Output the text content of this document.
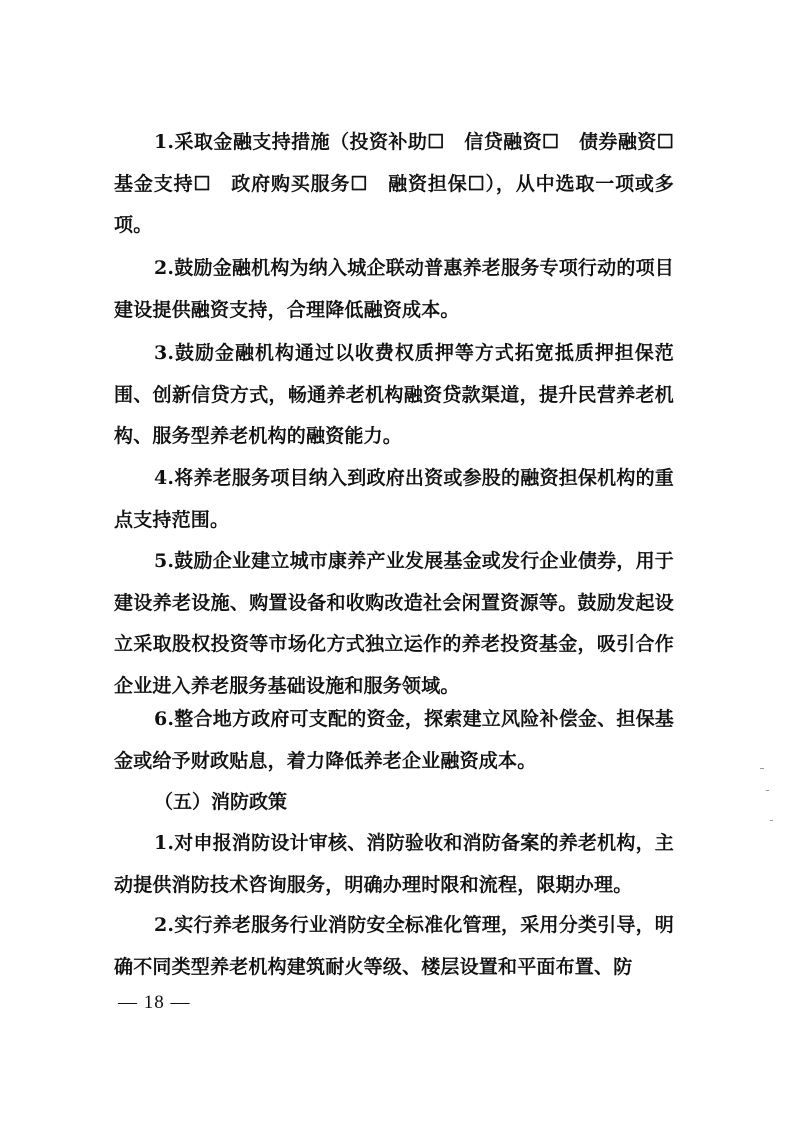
1.采取金融支持措施（投资补助☐　信贷融资☐　债券融资☐　基金支持☐　政府购买服务☐　融资担保☐），从中选取一项或多项。

2.鼓励金融机构为纳入城企联动普惠养老服务专项行动的项目建设提供融资支持，合理降低融资成本。

3.鼓励金融机构通过以收费权质押等方式拓宽抵质押担保范围、创新信贷方式，畅通养老机构融资贷款渠道，提升民营养老机构、服务型养老机构的融资能力。

4.将养老服务项目纳入到政府出资或参股的融资担保机构的重点支持范围。

5.鼓励企业建立城市康养产业发展基金或发行企业债券，用于建设养老设施、购置设备和收购改造社会闲置资源等。鼓励发起设立采取股权投资等市场化方式独立运作的养老投资基金，吸引合作企业进入养老服务基础设施和服务领域。

6.整合地方政府可支配的资金，探索建立风险补偿金、担保基金或给予财政贴息，着力降低养老企业融资成本。

（五）消防政策

1.对申报消防设计审核、消防验收和消防备案的养老机构，主动提供消防技术咨询服务，明确办理时限和流程，限期办理。

2.实行养老服务行业消防安全标准化管理，采用分类引导，明确不同类型养老机构建筑耐火等级、楼层设置和平面布置、防

— 18 —
